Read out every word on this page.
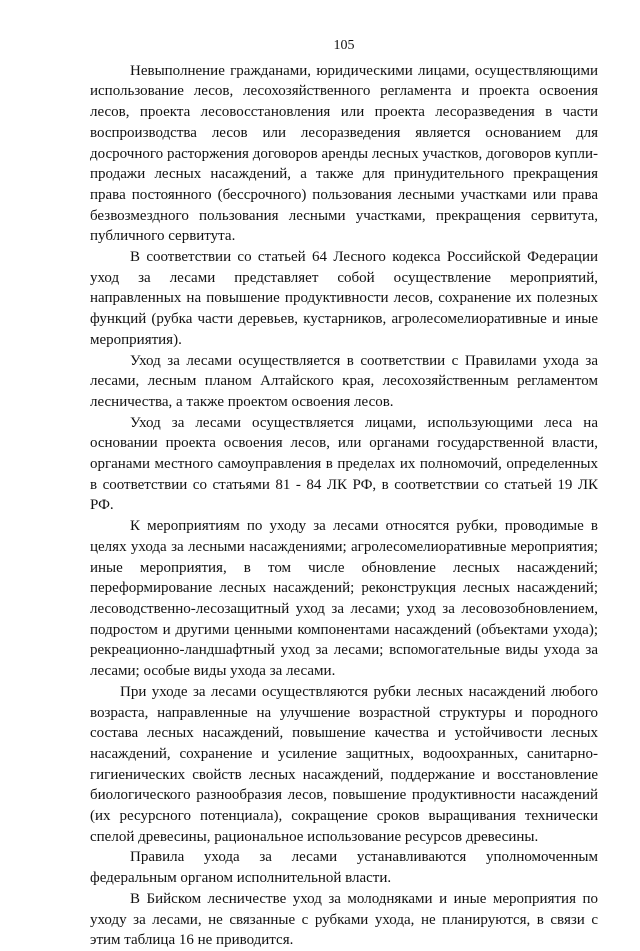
105

Невыполнение гражданами, юридическими лицами, осуществляющими использование лесов, лесохозяйственного регламента и проекта освоения лесов, проекта лесовосстановления или проекта лесоразведения в части воспроизводства лесов или лесоразведения является основанием для досрочного расторжения договоров аренды лесных участков, договоров купли-продажи лесных насаждений, а также для принудительного прекращения права постоянного (бессрочного) пользования лесными участками или права безвозмездного пользования лесными участками, прекращения сервитута, публичного сервитута.

В соответствии со статьей 64 Лесного кодекса Российской Федерации уход за лесами представляет собой осуществление мероприятий, направленных на повышение продуктивности лесов, сохранение их полезных функций (рубка части деревьев, кустарников, агролесомелиоративные и иные мероприятия).

Уход за лесами осуществляется в соответствии с Правилами ухода за лесами, лесным планом Алтайского края, лесохозяйственным регламентом лесничества, а также проектом освоения лесов.

Уход за лесами осуществляется лицами, использующими леса на основании проекта освоения лесов, или органами государственной власти, органами местного самоуправления в пределах их полномочий, определенных в соответствии со статьями 81 - 84 ЛК РФ, в соответствии со статьей 19 ЛК РФ.

К мероприятиям по уходу за лесами относятся рубки, проводимые в целях ухода за лесными насаждениями; агролесомелиоративные мероприятия; иные мероприятия, в том числе обновление лесных насаждений; переформирование лесных насаждений; реконструкция лесных насаждений; лесоводственно-лесозащитный уход за лесами; уход за лесовозобновлением, подростом и другими ценными компонентами насаждений (объектами ухода); рекреационно-ландшафтный уход за лесами; вспомогательные виды ухода за лесами; особые виды ухода за лесами.

При уходе за лесами осуществляются рубки лесных насаждений любого возраста, направленные на улучшение возрастной структуры и породного состава лесных насаждений, повышение качества и устойчивости лесных насаждений, сохранение и усиление защитных, водоохранных, санитарно-гигиенических свойств лесных насаждений, поддержание и восстановление биологического разнообразия лесов, повышение продуктивности насаждений (их ресурсного потенциала), сокращение сроков выращивания технически спелой древесины, рациональное использование ресурсов древесины.

Правила ухода за лесами устанавливаются уполномоченным федеральным органом исполнительной власти.

В Бийском лесничестве уход за молодняками и иные мероприятия по уходу за лесами, не связанные с рубками ухода, не планируются, в связи с этим таблица 16 не приводится.
